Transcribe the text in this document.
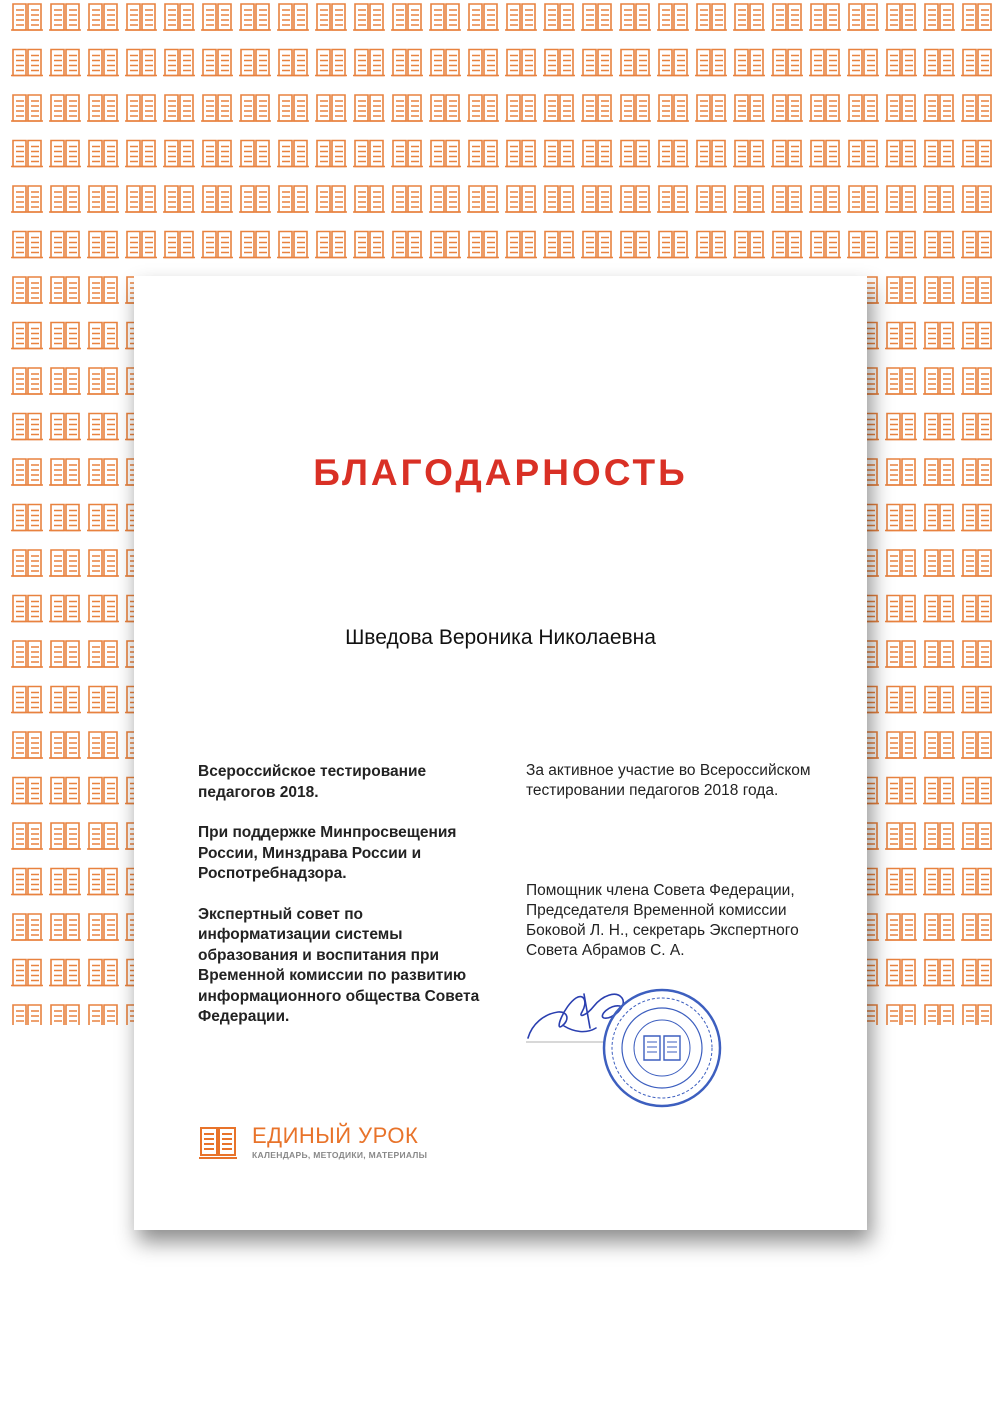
БЛАГОДАРНОСТЬ
Шведова Вероника Николаевна

Всероссийское тестирование педагогов 2018.

При поддержке Минпросвещения России, Минздрава России и Роспотребнадзора.

Экспертный совет по информатизации системы образования и воспитания при Временной комиссии по развитию информационного общества Совета Федерации.

За активное участие во Всероссийском тестировании педагогов 2018 года.

Помощник члена Совета Федерации, Председателя Временной комиссии Боковой Л. Н., секретарь Экспертного Совета Абрамов С. А.

ЕДИНЫЙ УРОК
КАЛЕНДАРЬ, МЕТОДИКИ, МАТЕРИАЛЫ
